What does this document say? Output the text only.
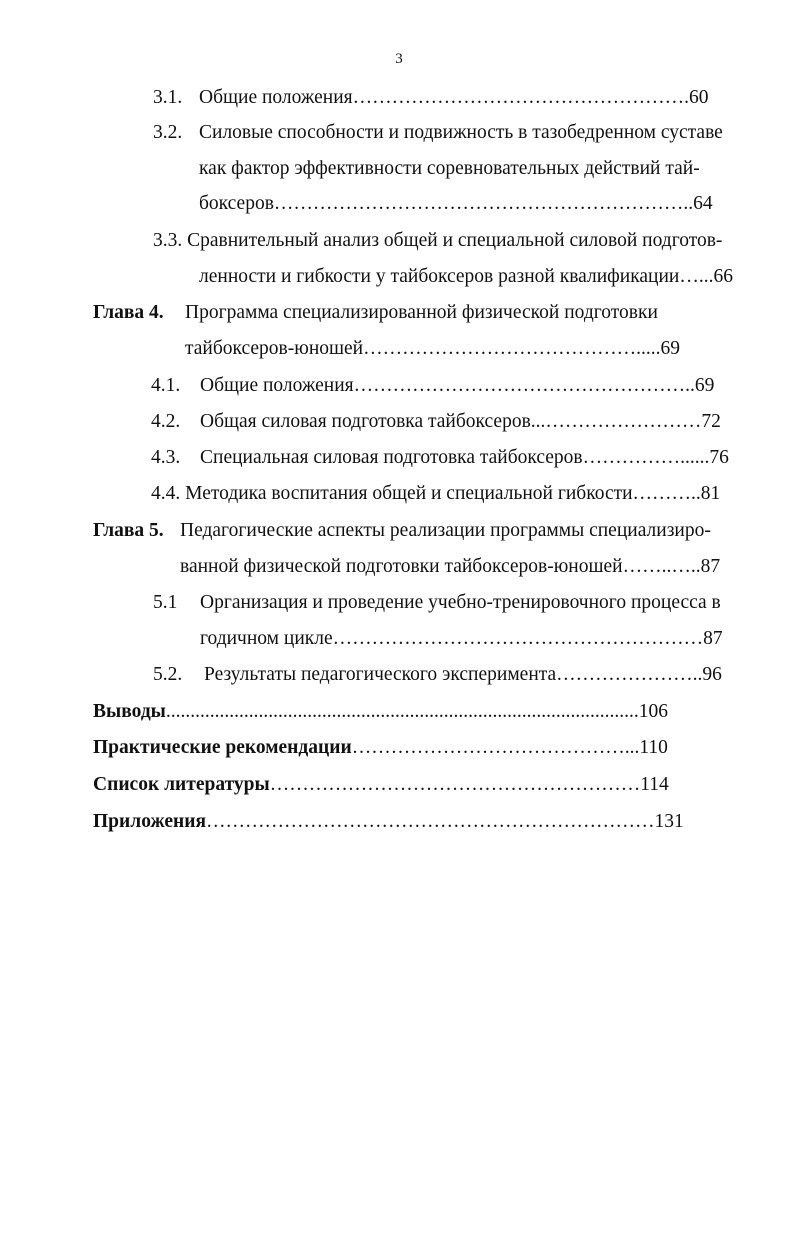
3
3.1. Общие положения…………………………………………….60
3.2. Силовые способности и подвижность в тазобедренном суставе
как фактор эффективности соревновательных действий тай-
боксеров………………………………………………………..64
3.3. Сравнительный анализ общей и специальной силовой подготов-
ленности и гибкости у тайбоксеров разной квалификации…...66
Глава 4. Программа специализированной физической подготовки
тайбоксеров-юношей…………………………………….....69
4.1. Общие положения……………………………………………..69
4.2. Общая силовая подготовка тайбоксеров...……………………72
4.3. Специальная силовая подготовка тайбоксеров……………......76
4.4. Методика воспитания общей и специальной гибкости………..81
Глава 5. Педагогические аспекты реализации программы специализиро-
ванной физической подготовки тайбоксеров-юношей……..…..87
5.1 Организация и проведение учебно-тренировочного процесса в
годичном цикле…………………………………………………87
5.2. Результаты педагогического эксперимента…………………..96
Выводы.................................................................................................106
Практические рекомендации……………………………………...110
Список литературы…………………………………………………114
Приложения……………………………………………………………131
